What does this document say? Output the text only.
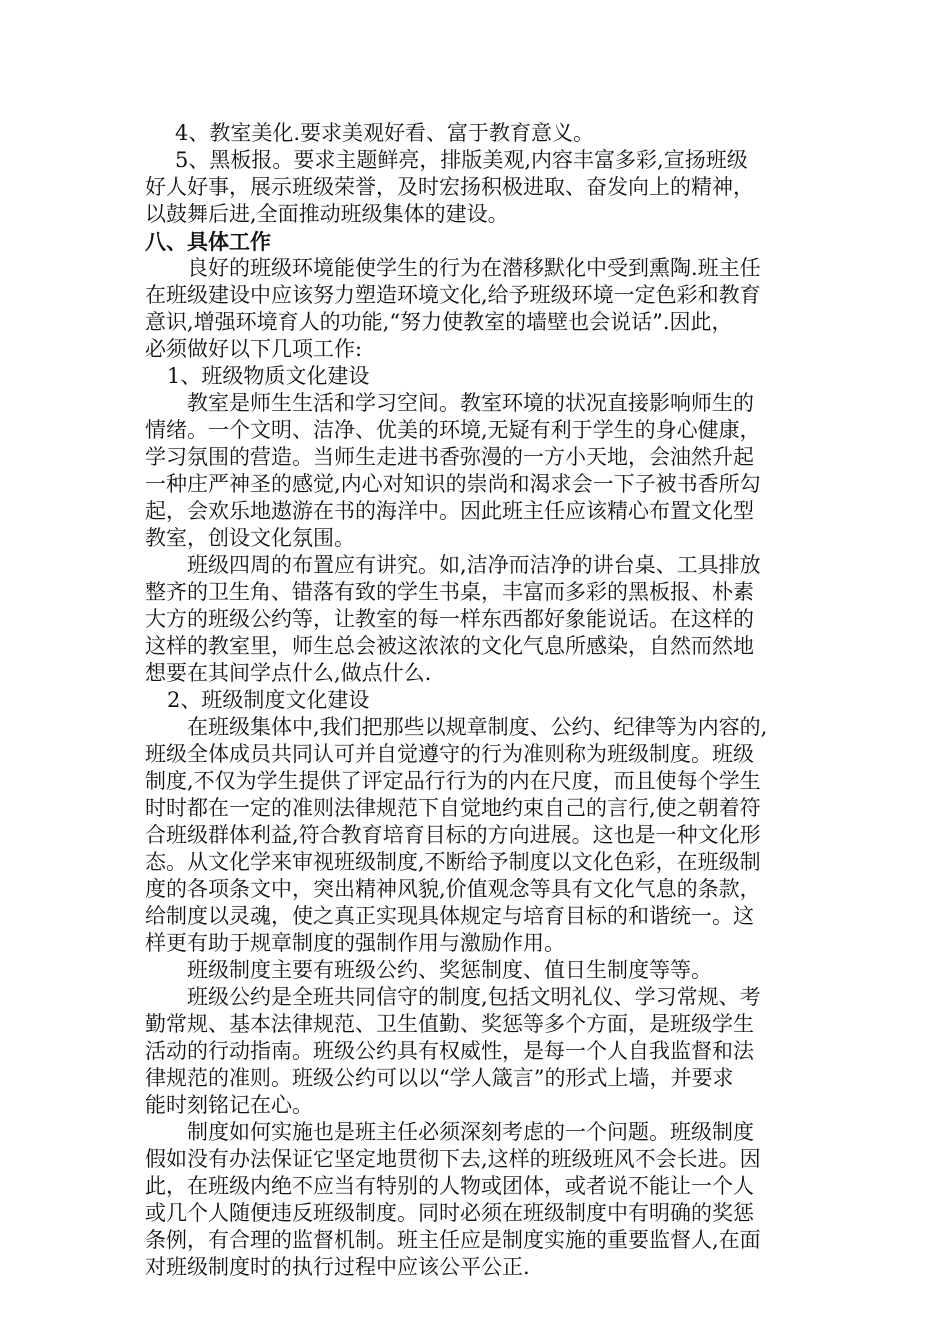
4、教室美化.要求美观好看、富于教育意义。
5、黑板报。要求主题鲜亮，排版美观,内容丰富多彩,宣扬班级
好人好事，展示班级荣誉，及时宏扬积极进取、奋发向上的精神，
以鼓舞后进,全面推动班级集体的建设。
八、具体工作
良好的班级环境能使学生的行为在潜移默化中受到熏陶.班主任
在班级建设中应该努力塑造环境文化,给予班级环境一定色彩和教育
意识,增强环境育人的功能,“努力使教室的墙壁也会说话”.因此，
必须做好以下几项工作:
1、班级物质文化建设
教室是师生生活和学习空间。教室环境的状况直接影响师生的
情绪。一个文明、洁净、优美的环境,无疑有利于学生的身心健康，
学习氛围的营造。当师生走进书香弥漫的一方小天地，会油然升起
一种庄严神圣的感觉,内心对知识的崇尚和渴求会一下子被书香所勾
起，会欢乐地遨游在书的海洋中。因此班主任应该精心布置文化型
教室，创设文化氛围。
班级四周的布置应有讲究。如,洁净而洁净的讲台桌、工具排放
整齐的卫生角、错落有致的学生书桌，丰富而多彩的黑板报、朴素
大方的班级公约等，让教室的每一样东西都好象能说话。在这样的
这样的教室里，师生总会被这浓浓的文化气息所感染，自然而然地
想要在其间学点什么,做点什么.
2、班级制度文化建设
在班级集体中,我们把那些以规章制度、公约、纪律等为内容的,
班级全体成员共同认可并自觉遵守的行为准则称为班级制度。班级
制度,不仅为学生提供了评定品行行为的内在尺度，而且使每个学生
时时都在一定的准则法律规范下自觉地约束自己的言行,使之朝着符
合班级群体利益,符合教育培育目标的方向进展。这也是一种文化形
态。从文化学来审视班级制度,不断给予制度以文化色彩，在班级制
度的各项条文中，突出精神风貌,价值观念等具有文化气息的条款，
给制度以灵魂，使之真正实现具体规定与培育目标的和谐统一。这
样更有助于规章制度的强制作用与激励作用。
班级制度主要有班级公约、奖惩制度、值日生制度等等。
班级公约是全班共同信守的制度,包括文明礼仪、学习常规、考
勤常规、基本法律规范、卫生值勤、奖惩等多个方面，是班级学生
活动的行动指南。班级公约具有权威性，是每一个人自我监督和法
律规范的准则。班级公约可以以“学人箴言”的形式上墙，并要求
能时刻铭记在心。
制度如何实施也是班主任必须深刻考虑的一个问题。班级制度
假如没有办法保证它坚定地贯彻下去,这样的班级班风不会长进。因
此，在班级内绝不应当有特别的人物或团体，或者说不能让一个人
或几个人随便违反班级制度。同时必须在班级制度中有明确的奖惩
条例，有合理的监督机制。班主任应是制度实施的重要监督人,在面
对班级制度时的执行过程中应该公平公正.
